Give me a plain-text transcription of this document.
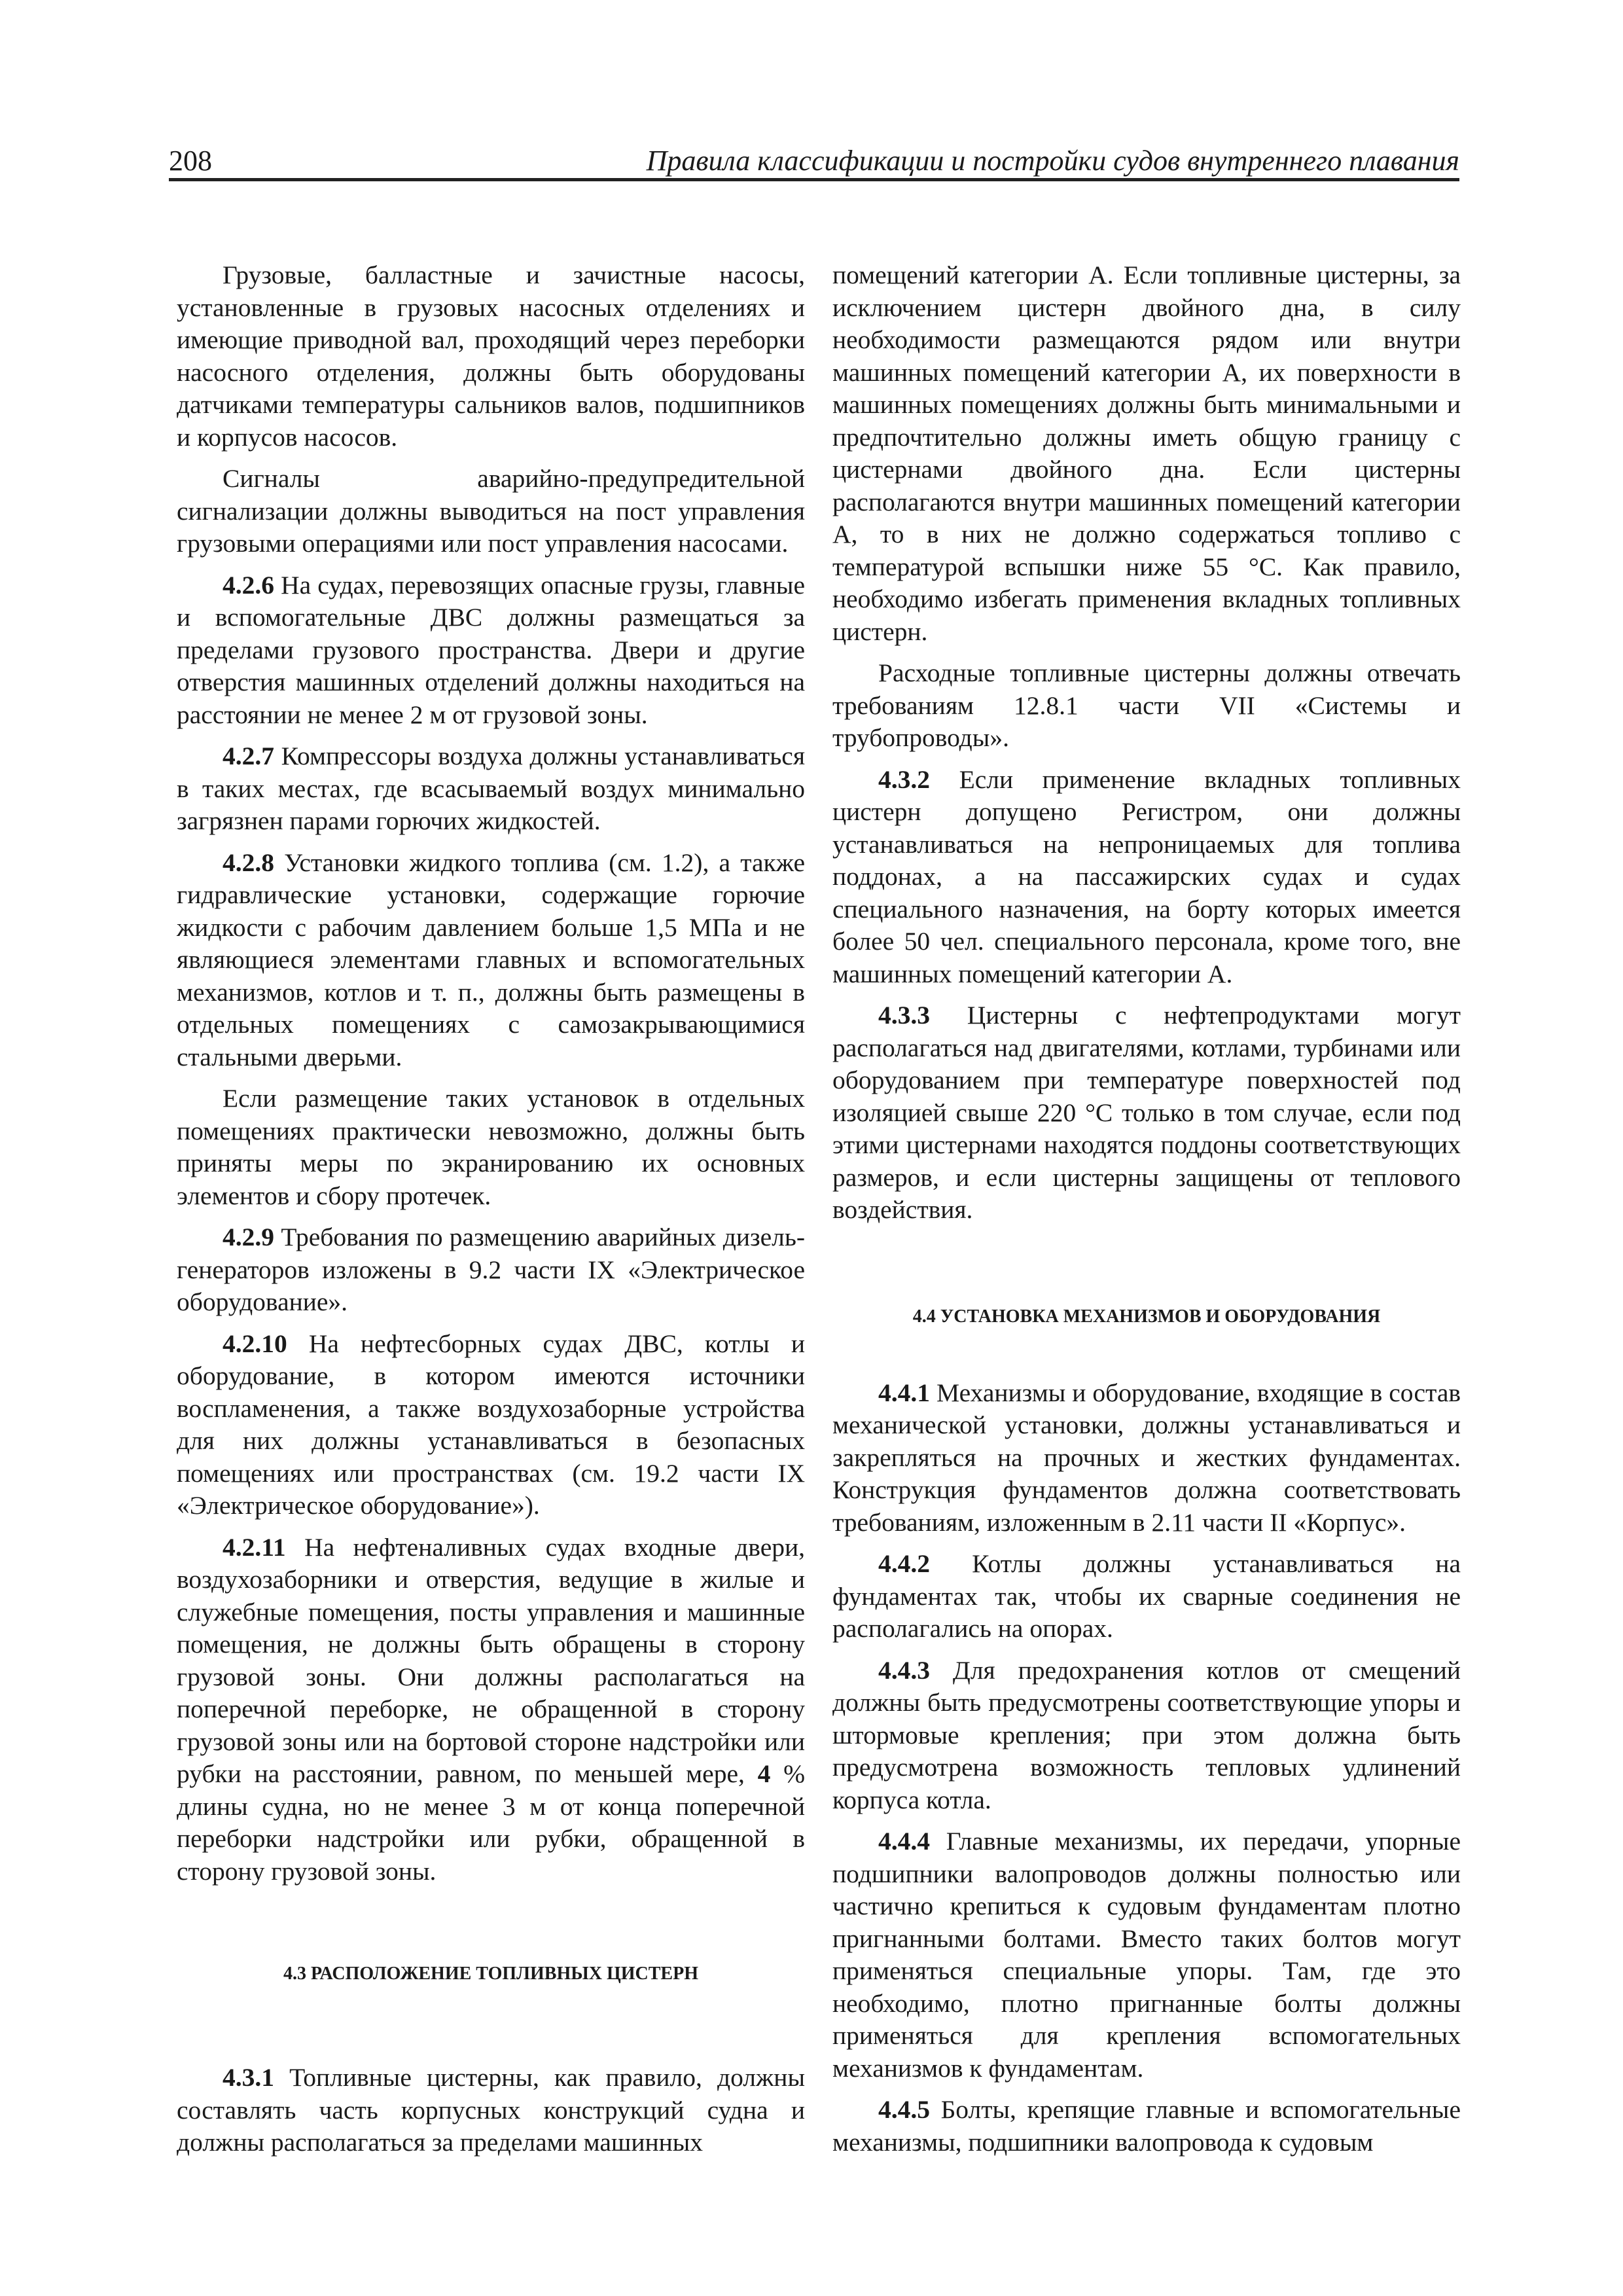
208	Правила классификации и постройки судов внутреннего плавания

Грузовые, балластные и зачистные насосы, установленные в грузовых насосных отделениях и имеющие приводной вал, проходящий через переборки насосного отделения, должны быть оборудованы датчиками температуры сальников валов, подшипников и корпусов насосов.

Сигналы аварийно-предупредительной сигнализации должны выводиться на пост управления грузовыми операциями или пост управления насосами.

4.2.6 На судах, перевозящих опасные грузы, главные и вспомогательные ДВС должны размещаться за пределами грузового пространства. Двери и другие отверстия машинных отделений должны находиться на расстоянии не менее 2 м от грузовой зоны.

4.2.7 Компрессоры воздуха должны устанавливаться в таких местах, где всасываемый воздух минимально загрязнен парами горючих жидкостей.

4.2.8 Установки жидкого топлива (см. 1.2), а также гидравлические установки, содержащие горючие жидкости с рабочим давлением больше 1,5 МПа и не являющиеся элементами главных и вспомогательных механизмов, котлов и т. п., должны быть размещены в отдельных помещениях с самозакрывающимися стальными дверьми.

Если размещение таких установок в отдельных помещениях практически невозможно, должны быть приняты меры по экранированию их основных элементов и сбору протечек.

4.2.9 Требования по размещению аварийных дизель-генераторов изложены в 9.2 части IX «Электрическое оборудование».

4.2.10 На нефтесборных судах ДВС, котлы и оборудование, в котором имеются источники воспламенения, а также воздухозаборные устройства для них должны устанавливаться в безопасных помещениях или пространствах (см. 19.2 части IX «Электрическое оборудование»).

4.2.11 На нефтеналивных судах входные двери, воздухозаборники и отверстия, ведущие в жилые и служебные помещения, посты управления и машинные помещения, не должны быть обращены в сторону грузовой зоны. Они должны располагаться на поперечной переборке, не обращенной в сторону грузовой зоны или на бортовой стороне надстройки или рубки на расстоянии, равном, по меньшей мере, 4 % длины судна, но не менее 3 м от конца поперечной переборки надстройки или рубки, обращенной в сторону грузовой зоны.

4.3 РАСПОЛОЖЕНИЕ ТОПЛИВНЫХ ЦИСТЕРН

4.3.1 Топливные цистерны, как правило, должны составлять часть корпусных конструкций судна и должны располагаться за пределами машинных

помещений категории А. Если топливные цистерны, за исключением цистерн двойного дна, в силу необходимости размещаются рядом или внутри машинных помещений категории А, их поверхности в машинных помещениях должны быть минимальными и предпочтительно должны иметь общую границу с цистернами двойного дна. Если цистерны располагаются внутри машинных помещений категории А, то в них не должно содержаться топливо с температурой вспышки ниже 55 °С. Как правило, необходимо избегать применения вкладных топливных цистерн.

Расходные топливные цистерны должны отвечать требованиям 12.8.1 части VII «Системы и трубопроводы».

4.3.2 Если применение вкладных топливных цистерн допущено Регистром, они должны устанавливаться на непроницаемых для топлива поддонах, а на пассажирских судах и судах специального назначения, на борту которых имеется более 50 чел. специального персонала, кроме того, вне машинных помещений категории А.

4.3.3 Цистерны с нефтепродуктами могут располагаться над двигателями, котлами, турбинами или оборудованием при температуре поверхностей под изоляцией свыше 220 °С только в том случае, если под этими цистернами находятся поддоны соответствующих размеров, и если цистерны защищены от теплового воздействия.

4.4 УСТАНОВКА МЕХАНИЗМОВ И ОБОРУДОВАНИЯ

4.4.1 Механизмы и оборудование, входящие в состав механической установки, должны устанавливаться и закрепляться на прочных и жестких фундаментах. Конструкция фундаментов должна соответствовать требованиям, изложенным в 2.11 части II «Корпус».

4.4.2 Котлы должны устанавливаться на фундаментах так, чтобы их сварные соединения не располагались на опорах.

4.4.3 Для предохранения котлов от смещений должны быть предусмотрены соответствующие упоры и штормовые крепления; при этом должна быть предусмотрена возможность тепловых удлинений корпуса котла.

4.4.4 Главные механизмы, их передачи, упорные подшипники валопроводов должны полностью или частично крепиться к судовым фундаментам плотно пригнанными болтами. Вместо таких болтов могут применяться специальные упоры. Там, где это необходимо, плотно пригнанные болты должны применяться для крепления вспомогательных механизмов к фундаментам.

4.4.5 Болты, крепящие главные и вспомогательные механизмы, подшипники валопровода к судовым
